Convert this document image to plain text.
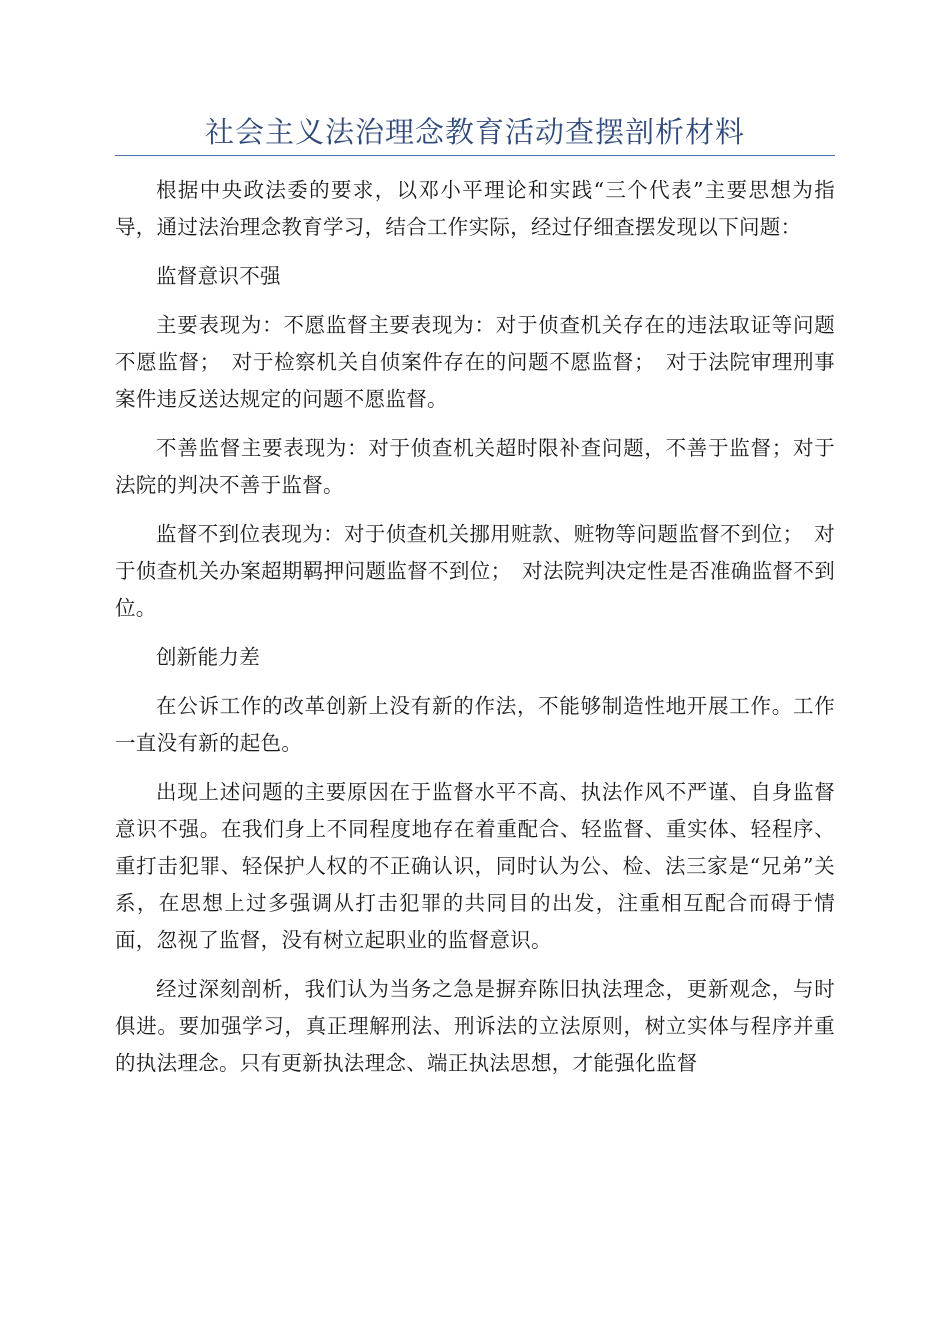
社会主义法治理念教育活动查摆剖析材料

根据中央政法委的要求，以邓小平理论和实践“三个代表”主要思想为指导，通过法治理念教育学习，结合工作实际，经过仔细查摆发现以下问题：

监督意识不强

主要表现为：不愿监督主要表现为：对于侦查机关存在的违法取证等问题不愿监督；　对于检察机关自侦案件存在的问题不愿监督；　对于法院审理刑事案件违反送达规定的问题不愿监督。

不善监督主要表现为：对于侦查机关超时限补查问题，不善于监督；对于法院的判决不善于监督。

监督不到位表现为：对于侦查机关挪用赃款、赃物等问题监督不到位；　对于侦查机关办案超期羁押问题监督不到位；　对法院判决定性是否准确监督不到位。

创新能力差

在公诉工作的改革创新上没有新的作法，不能够制造性地开展工作。工作一直没有新的起色。

出现上述问题的主要原因在于监督水平不高、执法作风不严谨、自身监督意识不强。在我们身上不同程度地存在着重配合、轻监督、重实体、轻程序、重打击犯罪、轻保护人权的不正确认识，同时认为公、检、法三家是“兄弟”关系，在思想上过多强调从打击犯罪的共同目的出发，注重相互配合而碍于情面，忽视了监督，没有树立起职业的监督意识。

经过深刻剖析，我们认为当务之急是摒弃陈旧执法理念，更新观念，与时俱进。要加强学习，真正理解刑法、刑诉法的立法原则，树立实体与程序并重的执法理念。只有更新执法理念、端正执法思想，才能强化监督
